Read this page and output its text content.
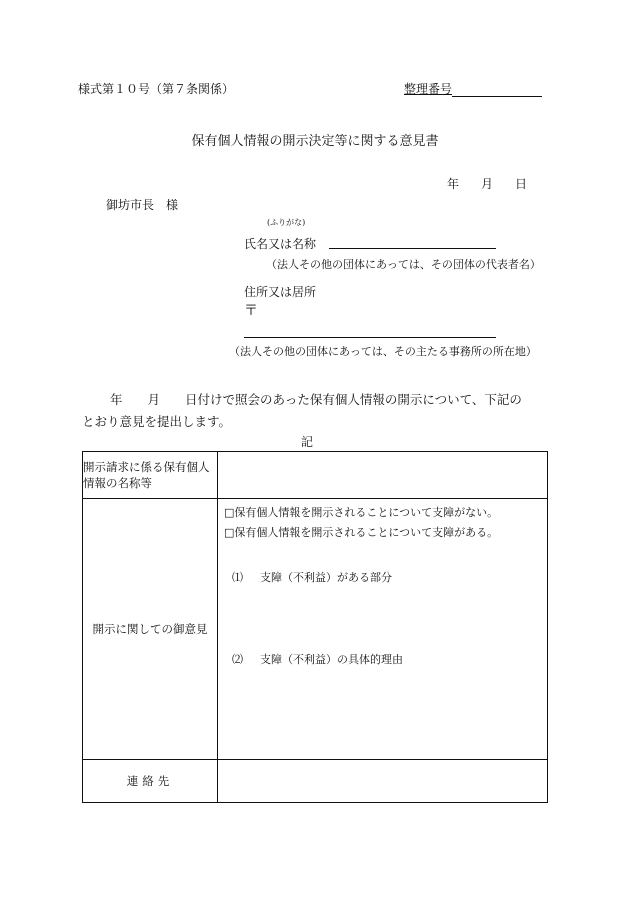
様式第１０号（第７条関係）	整理番号
保有個人情報の開示決定等に関する意見書
年 月 日
御坊市長　様
(ふりがな)
氏名又は名称
（法人その他の団体にあっては、その団体の代表者名）
住所又は居所
〒
（法人その他の団体にあっては、その主たる事務所の所在地）
年　　月　　日付けで照会のあった保有個人情報の開示について、下記の
とおり意見を提出します。
記
開示請求に係る保有個人情報の名称等	
開示に関しての御意見	□保有個人情報を開示されることについて支障がない。
□保有個人情報を開示されることについて支障がある。
⑴ 支障（不利益）がある部分
⑵ 支障（不利益）の具体的理由

連絡先	
